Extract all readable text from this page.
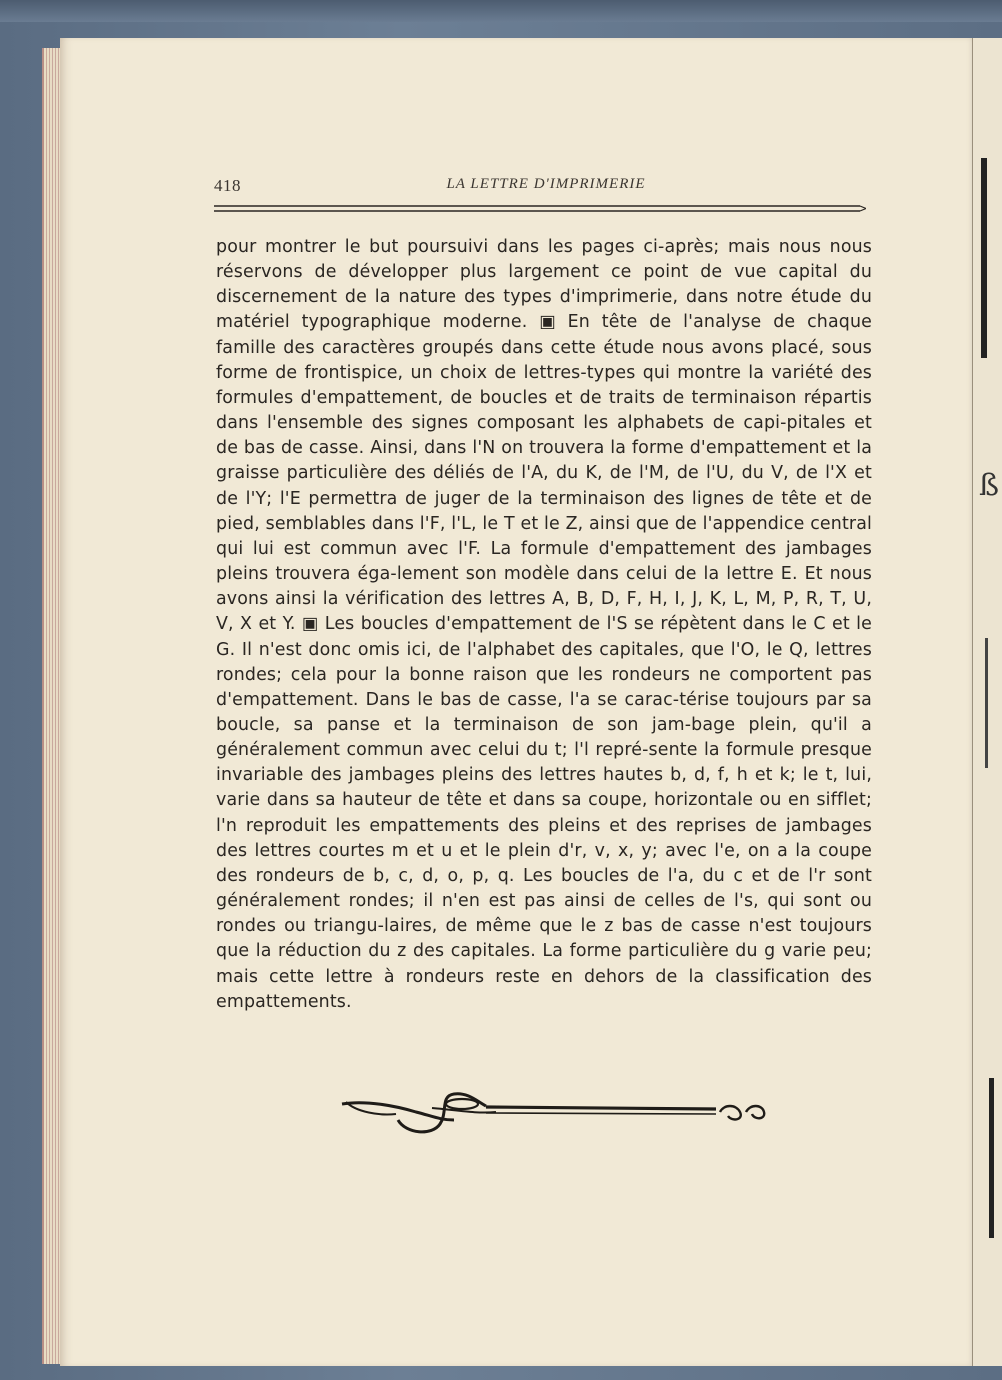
ß
418	LA LETTRE D'IMPRIMERIE

pour montrer le but poursuivi dans les pages ci-après; mais nous nous réservons de développer plus largement ce point de vue capital du discernement de la nature des types d'imprimerie, dans notre étude du matériel typographique moderne. ▣ En tête de l'analyse de chaque famille des caractères groupés dans cette étude nous avons placé, sous forme de frontispice, un choix de lettres-types qui montre la variété des formules d'empattement, de boucles et de traits de terminaison répartis dans l'ensemble des signes composant les alphabets de capi-pitales et de bas de casse. Ainsi, dans l'N on trouvera la forme d'empattement et la graisse particulière des déliés de l'A, du K, de l'M, de l'U, du V, de l'X et de l'Y; l'E permettra de juger de la terminaison des lignes de tête et de pied, semblables dans l'F, l'L, le T et le Z, ainsi que de l'appendice central qui lui est commun avec l'F. La formule d'empattement des jambages pleins trouvera éga-lement son modèle dans celui de la lettre E. Et nous avons ainsi la vérification des lettres A, B, D, F, H, I, J, K, L, M, P, R, T, U, V, X et Y. ▣ Les boucles d'empattement de l'S se répètent dans le C et le G. Il n'est donc omis ici, de l'alphabet des capitales, que l'O, le Q, lettres rondes; cela pour la bonne raison que les rondeurs ne comportent pas d'empattement. Dans le bas de casse, l'a se carac-térise toujours par sa boucle, sa panse et la terminaison de son jam-bage plein, qu'il a généralement commun avec celui du t; l'l repré-sente la formule presque invariable des jambages pleins des lettres hautes b, d, f, h et k; le t, lui, varie dans sa hauteur de tête et dans sa coupe, horizontale ou en sifflet; l'n reproduit les empattements des pleins et des reprises de jambages des lettres courtes m et u et le plein d'r, v, x, y; avec l'e, on a la coupe des rondeurs de b, c, d, o, p, q. Les boucles de l'a, du c et de l'r sont généralement rondes; il n'en est pas ainsi de celles de l's, qui sont ou rondes ou triangu-laires, de même que le z bas de casse n'est toujours que la réduction du z des capitales. La forme particulière du g varie peu; mais cette lettre à rondeurs reste en dehors de la classification des empattements.
